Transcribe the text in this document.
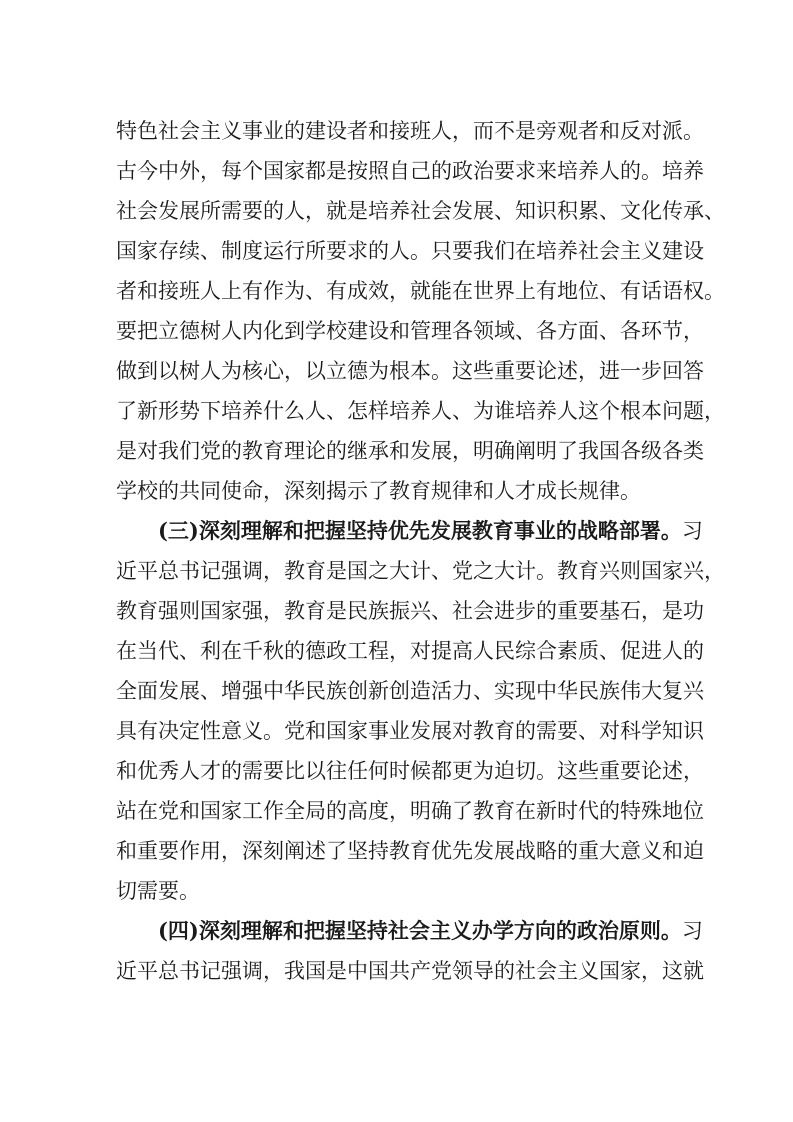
特色社会主义事业的建设者和接班人，而不是旁观者和反对派。
古今中外，每个国家都是按照自己的政治要求来培养人的。培养
社会发展所需要的人，就是培养社会发展、知识积累、文化传承、
国家存续、制度运行所要求的人。只要我们在培养社会主义建设
者和接班人上有作为、有成效，就能在世界上有地位、有话语权。
要把立德树人内化到学校建设和管理各领域、各方面、各环节，
做到以树人为核心，以立德为根本。这些重要论述，进一步回答
了新形势下培养什么人、怎样培养人、为谁培养人这个根本问题，
是对我们党的教育理论的继承和发展，明确阐明了我国各级各类
学校的共同使命，深刻揭示了教育规律和人才成长规律。
(三)深刻理解和把握坚持优先发展教育事业的战略部署。习
近平总书记强调，教育是国之大计、党之大计。教育兴则国家兴，
教育强则国家强，教育是民族振兴、社会进步的重要基石，是功
在当代、利在千秋的德政工程，对提高人民综合素质、促进人的
全面发展、增强中华民族创新创造活力、实现中华民族伟大复兴
具有决定性意义。党和国家事业发展对教育的需要、对科学知识
和优秀人才的需要比以往任何时候都更为迫切。这些重要论述，
站在党和国家工作全局的高度，明确了教育在新时代的特殊地位
和重要作用，深刻阐述了坚持教育优先发展战略的重大意义和迫
切需要。
(四)深刻理解和把握坚持社会主义办学方向的政治原则。习
近平总书记强调，我国是中国共产党领导的社会主义国家，这就
